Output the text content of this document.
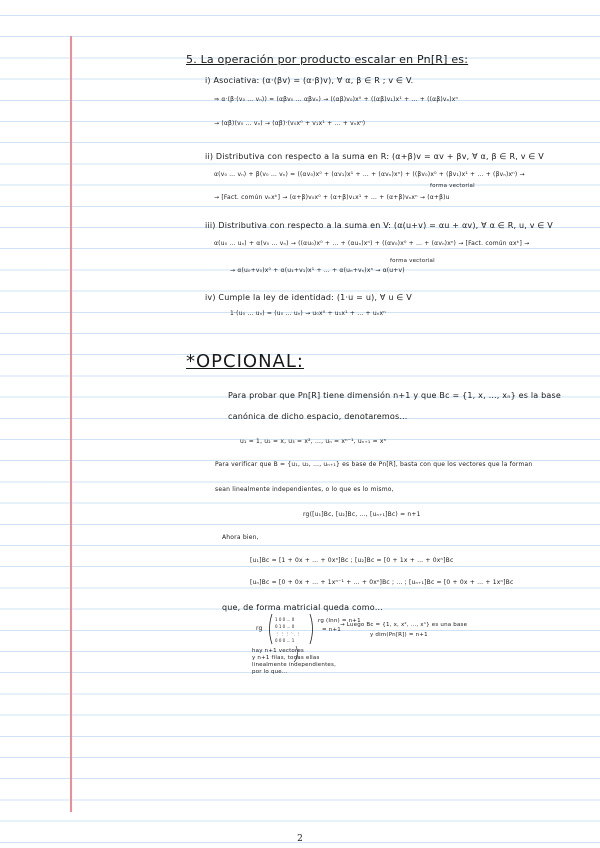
5. La operación por producto escalar en Pn[R] es:
i) Asociativa: (α·(βv) = (α·β)v), ∀ α, β ∈ R ; v ∈ V.
⇒ α·(β·(v₀ … vₙ)) = (αβv₀ … αβvₙ) → ((αβ)v₀)x⁰ + ((αβ)v₁)x¹ + … + ((αβ)vₙ)xⁿ
→ (αβ)(v₀ … vₙ) → (αβ)·(v₀x⁰ + v₁x¹ + … + vₙxⁿ)
ii) Distributiva con respecto a la suma en R: (α+β)v = αv + βv, ∀ α, β ∈ R, v ∈ V
α(v₀ … vₙ) + β(v₀ … vₙ) = ((αv₀)x⁰ + (αv₁)x¹ + … + (αvₙ)xⁿ) + ((βv₀)x⁰ + (βv₁)x¹ + … + (βvₙ)xⁿ) →
forma vectorial
→ [Fact. común vₖxᵏ] → (α+β)v₀x⁰ + (α+β)v₁x¹ + … + (α+β)vₙxⁿ → (α+β)u
iii) Distributiva con respecto a la suma en V: (α(u+v) = αu + αv), ∀ α ∈ R, u, v ∈ V
α(u₀ … uₙ) + α(v₀ … vₙ) → ((αu₀)x⁰ + … + (αuₙ)xⁿ) + ((αv₀)x⁰ + … + (αvₙ)xⁿ) → [Fact. común αxᵏ] →
forma vectorial
→ α(u₀+v₀)x⁰ + α(u₁+v₁)x¹ + … + α(uₙ+vₙ)xⁿ → α(u+v)
iv) Cumple la ley de identidad: (1·u = u), ∀ u ∈ V
1·(u₀ … uₙ) = (u₀ … uₙ) → u₀x⁰ + u₁x¹ + … + uₙxⁿ
*OPCIONAL:
Para probar que Pn[R] tiene dimensión n+1 y que Bc = {1, x, …, xₙ} es la base
canónica de dicho espacio, denotaremos…
u₁ = 1, u₂ = x, u₃ = x², …, uₙ = xⁿ⁻¹, uₙ₊₁ = xⁿ
Para verificar que B = {u₁, u₂, …, uₙ₊₁} es base de Pn[R], basta con que los vectores que la forman
sean linealmente independientes, o lo que es lo mismo,
rg([u₁]Bc, [u₂]Bc, …, [uₙ₊₁]Bc) = n+1
Ahora bien,
[u₁]Bc = [1 + 0x + … + 0xⁿ]Bc ; [u₂]Bc = [0 + 1x + … + 0xⁿ]Bc
[uₙ]Bc = [0 + 0x + … + 1xⁿ⁻¹ + … + 0xⁿ]Bc ; … ; [uₙ₊₁]Bc = [0 + 0x + … + 1xⁿ]Bc
que, de forma matricial queda como…
rg
1 0 0 … 0
0 1 0 … 0
⋮ ⋮ ⋮ ⋱ ⋮
0 0 0 … 1
rg (Inn) = n+1
= n+1
→ Luego Bc = {1, x, x², …, xⁿ} es una base
y dim(Pn[R]) = n+1
hay n+1 vectores
y n+1 filas, todas ellas
linealmente independientes,
por lo que…
2
